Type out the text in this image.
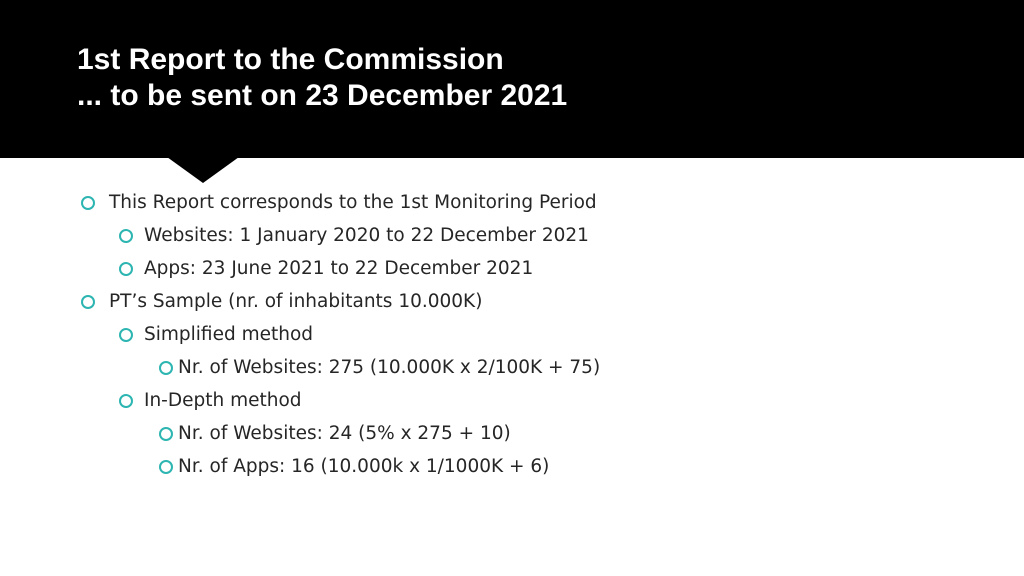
1st Report to the Commission
... to be sent on 23 December 2021
This Report corresponds to the 1st Monitoring Period
Websites: 1 January 2020 to 22 December 2021
Apps: 23 June 2021 to 22 December 2021
PT’s Sample (nr. of inhabitants 10.000K)
Simplified method
Nr. of Websites: 275 (10.000K x 2/100K + 75)
In-Depth method
Nr. of Websites: 24 (5% x 275 + 10)
Nr. of Apps: 16 (10.000k x 1/1000K + 6)
